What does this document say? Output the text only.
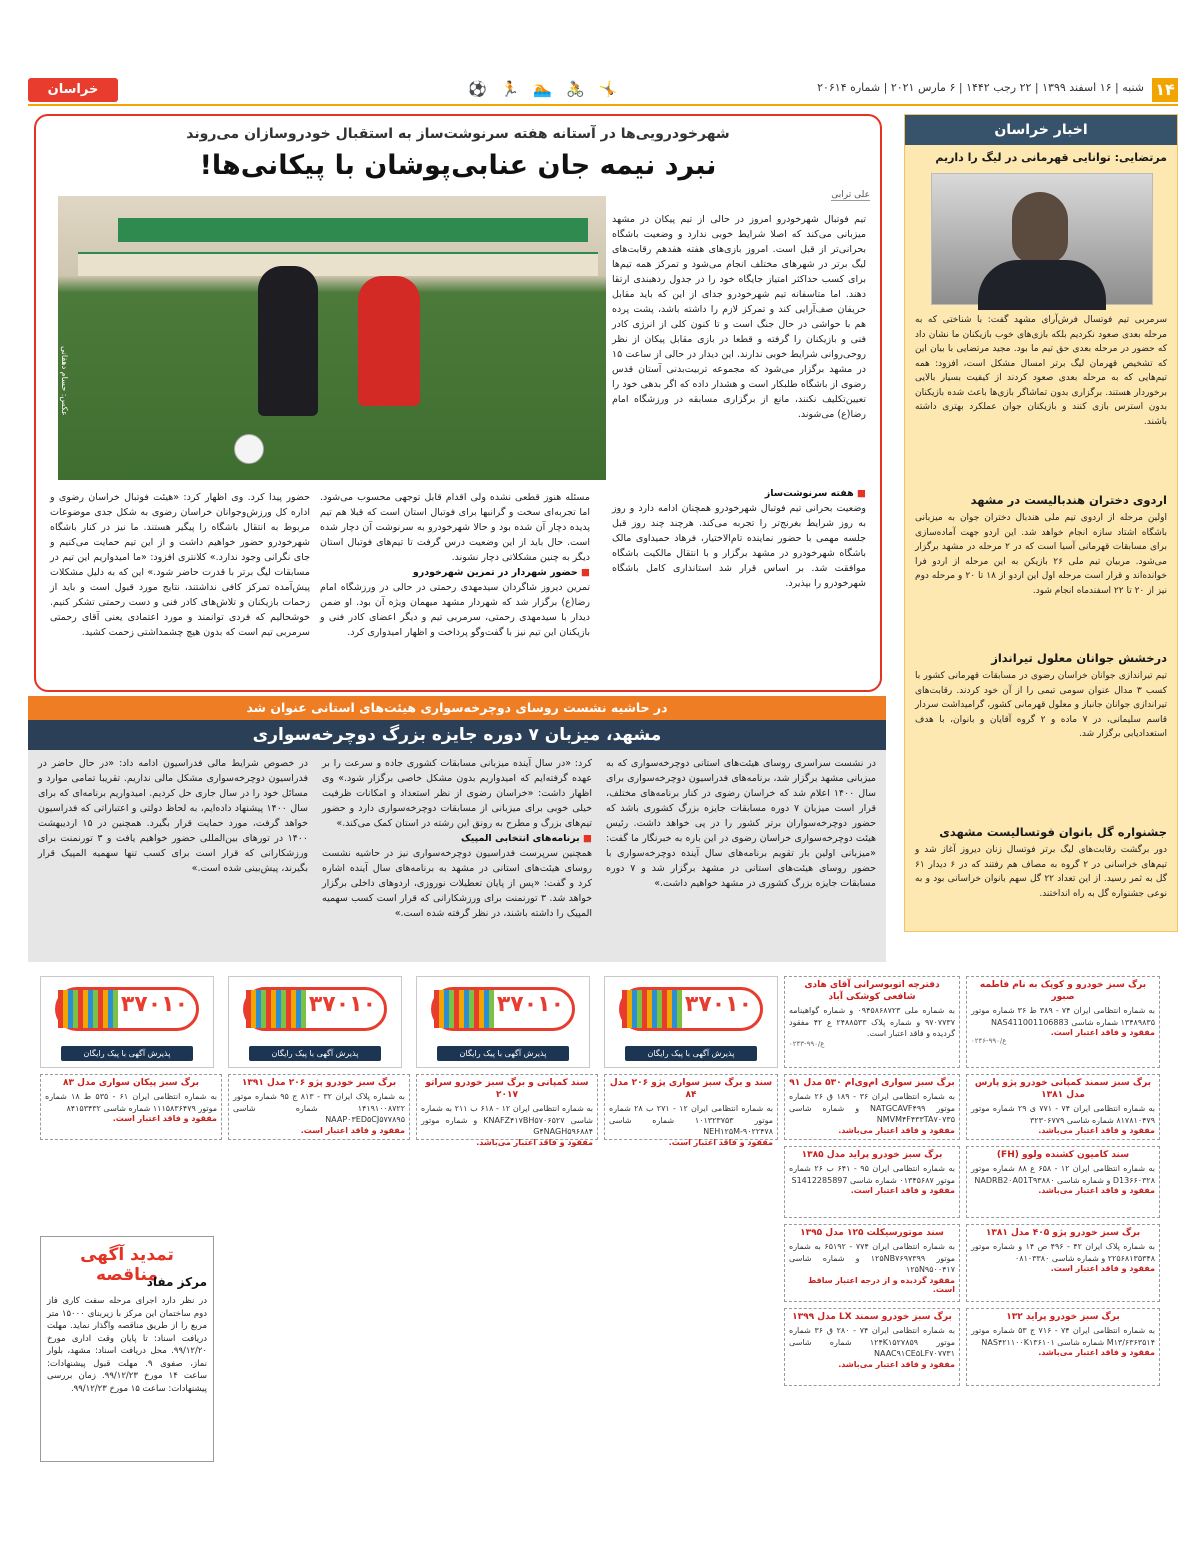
۱۴
شنبه | ۱۶ اسفند ۱۳۹۹ | ۲۲ رجب ۱۴۴۲ | ۶ مارس ۲۰۲۱ | شماره ۲۰۶۱۴
⚽ 🏃 🏊 🚴 🤸
خراسان
اخبار خراسان
مرتضایی: توانایی قهرمانی در لیگ را داریم
سرمربی تیم فوتسال فرش‌آرای مشهد گفت: با شناختی که به مرحله بعدی صعود نکردیم بلکه بازی‌های خوب بازیکنان ما نشان داد که حضور در مرحله بعدی حق تیم ما بود. مجید مرتضایی با بیان این که تشخیص قهرمان لیگ برتر امسال مشکل است، افزود: همه تیم‌هایی که به مرحله بعدی صعود کردند از کیفیت بسیار بالایی برخوردار هستند. برگزاری بدون تماشاگر بازی‌ها باعث شده بازیکنان بدون استرس بازی کنند و بازیکنان جوان عملکرد بهتری داشته باشند.
اردوی دختران هندبالیست در مشهد
اولین مرحله از اردوی تیم ملی هندبال دختران جوان به میزبانی باشگاه اشتاد سازه انجام خواهد شد. این اردو جهت آماده‌سازی برای مسابقات قهرمانی آسیا است که در ۲ مرحله در مشهد برگزار می‌شود. مربیان تیم ملی ۲۶ بازیکن به این مرحله از اردو فرا خوانده‌اند و قرار است مرحله اول این اردو از ۱۸ تا ۲۰ و مرحله دوم نیز از ۲۰ تا ۲۲ اسفندماه انجام شود.
درخشش جوانان معلول تیرانداز
تیم تیراندازی جوانان خراسان رضوی در مسابقات قهرمانی کشور با کسب ۳ مدال عنوان سومی تیمی را از آن خود کردند. رقابت‌های تیراندازی جوانان جانباز و معلول قهرمانی کشور، گرامیداشت سردار قاسم سلیمانی، در ۷ ماده و ۲ گروه آقایان و بانوان، با هدف استعدادیابی برگزار شد.
جشنواره گل بانوان فوتسالیست مشهدی
دور برگشت رقابت‌های لیگ برتر فوتسال زنان دیروز آغاز شد و تیم‌های خراسانی در ۲ گروه به مصاف هم رفتند که در ۶ دیدار ۶۱ گل به ثمر رسید. از این تعداد ۲۲ گل سهم بانوان خراسانی بود و به نوعی جشنواره گل به راه انداختند.
شهرخودرویی‌ها در آستانه هفته سرنوشت‌ساز به استقبال خودروسازان می‌روند
نبرد نیمه جان عنابی‌پوشان با پیکانی‌ها!
علی ترابی
عکس: حسام دهقانی
تیم فوتبال شهرخودرو امروز در حالی از تیم پیکان در مشهد میزبانی می‌کند که اصلا شرایط خوبی ندارد و وضعیت باشگاه بحرانی‌تر از قبل است. امروز بازی‌های هفته هفدهم رقابت‌های لیگ برتر در شهرهای مختلف انجام می‌شود و تمرکز همه تیم‌ها برای کسب حداکثر امتیاز جایگاه خود را در جدول ردهبندی ارتقا دهند. اما متاسفانه تیم شهرخودرو جدای از این که باید مقابل حریفان صف‌آرایی کند و تمرکز لازم را داشته باشد، پشت پرده هم با حواشی در حال جنگ است و تا کنون کلی از انرژی کادر فنی و بازیکنان را گرفته و قطعا در بازی مقابل پیکان از نظر روحی‌روانی شرایط خوبی ندارند. این دیدار در حالی از ساعت ۱۵ در مشهد برگزار می‌شود که مجموعه تربیت‌بدنی آستان قدس رضوی از باشگاه طلبکار است و هشدار داده که اگر بدهی خود را تعیین‌تکلیف نکنند، مانع از برگزاری مسابقه در ورزشگاه امام رضا(ع) می‌شوند.
■ هفته سرنوشت‌ساز
وضعیت بحرانی تیم فوتبال شهرخودرو همچنان ادامه دارد و روز به روز شرایط بغرنج‌تر را تجربه می‌کند. هرچند چند روز قبل جلسه مهمی با حضور نماینده تام‌الاختیار، فرهاد حمیداوی مالک باشگاه شهرخودرو در مشهد برگزار و با انتقال مالکیت باشگاه موافقت شد. بر اساس قرار شد استانداری کامل باشگاه شهرخودرو را بپذیرد.
مسئله هنوز قطعی نشده ولی اقدام قابل توجهی محسوب می‌شود. اما تجربه‌ای سخت و گرانبها برای فوتبال استان است که قبلا هم تیم پدیده دچار آن شده بود و حالا شهرخودرو به سرنوشت آن دچار شده است. حال باید از این وضعیت درس گرفت تا تیم‌های فوتبال استان دیگر به چنین مشکلاتی دچار نشوند.
■ حضور شهردار در تمرین شهرخودرو
تمرین دیروز شاگردان سیدمهدی رحمتی در حالی در ورزشگاه امام رضا(ع) برگزار شد که شهردار مشهد میهمان ویژه آن بود. او ضمن دیدار با سیدمهدی رحمتی، سرمربی تیم و دیگر اعضای کادر فنی و بازیکنان این تیم نیز با گفت‌وگو پرداخت و اظهار امیدواری کرد.
حضور پیدا کرد. وی اظهار کرد: «هیئت فوتبال خراسان رضوی و اداره کل ورزش‌وجوانان خراسان رضوی به شکل جدی موضوعات مربوط به انتقال باشگاه را پیگیر هستند. ما نیز در کنار باشگاه شهرخودرو حضور خواهیم داشت و از این تیم حمایت می‌کنیم و جای نگرانی وجود ندارد.» کلانتری افزود: «ما امیدواریم این تیم در مسابقات لیگ برتر با قدرت حاضر شود.» این که به دلیل مشکلات پیش‌آمده تمرکز کافی نداشتند، نتایج مورد قبول است و باید از زحمات بازیکنان و تلاش‌های کادر فنی و دست رحمتی تشکر کنیم. خوشحالیم که فردی توانمند و مورد اعتمادی یعنی آقای رحمتی سرمربی تیم است که بدون هیچ چشمداشتی زحمت کشید.
در حاشیه نشست روسای دوچرخه‌سواری هیئت‌های استانی عنوان شد
مشهد، میزبان ۷ دوره جایزه بزرگ دوچرخه‌سواری
در نشست سراسری روسای هیئت‌های استانی دوچرخه‌سواری که به میزبانی مشهد برگزار شد، برنامه‌های فدراسیون دوچرخه‌سواری برای سال ۱۴۰۰ اعلام شد که خراسان رضوی در کنار برنامه‌های مختلف، قرار است میزبان ۷ دوره مسابقات جایزه بزرگ کشوری باشد که حضور دوچرخه‌سواران برتر کشور را در پی خواهد داشت. رئیس هیئت دوچرخه‌سواری خراسان رضوی در این باره به خبرنگار ما گفت: «میزبانی اولین بار تقویم برنامه‌های سال آینده دوچرخه‌سواری با حضور روسای هیئت‌های استانی در مشهد برگزار شد و ۷ دوره مسابقات جایزه بزرگ کشوری در مشهد خواهیم داشت.»
کرد: «در سال آینده میزبانی مسابقات کشوری جاده و سرعت را بر عهده گرفته‌ایم که امیدواریم بدون مشکل خاصی برگزار شود.» وی اظهار داشت: «خراسان رضوی از نظر استعداد و امکانات ظرفیت خیلی خوبی برای میزبانی از مسابقات دوچرخه‌سواری دارد و حضور تیم‌های بزرگ و مطرح به رونق این رشته در استان کمک می‌کند.»
■ برنامه‌های انتخابی المپیک
همچنین سرپرست فدراسیون دوچرخه‌سواری نیز در حاشیه نشست روسای هیئت‌های استانی در مشهد به برنامه‌های سال آینده اشاره کرد و گفت: «پس از پایان تعطیلات نوروزی، اردوهای داخلی برگزار خواهد شد. ۳ تورنمنت برای ورزشکارانی که قرار است کسب سهمیه المپیک را داشته باشند، در نظر گرفته شده است.»
در خصوص شرایط مالی فدراسیون ادامه داد: «در حال حاضر در فدراسیون دوچرخه‌سواری مشکل مالی نداریم. تقریبا تمامی موارد و مسائل خود را در سال جاری حل کردیم. امیدواریم برنامه‌ای که برای سال ۱۴۰۰ پیشنهاد داده‌ایم، به لحاظ دولتی و اعتباراتی که فدراسیون خواهد گرفت، مورد حمایت قرار بگیرد. همچنین در ۱۵ اردیبهشت ۱۴۰۰ در تورهای بین‌المللی حضور خواهیم یافت و ۳ تورنمنت برای ورزشکارانی که قرار است برای کسب تنها سهمیه المپیک قرار بگیرند، پیش‌بینی شده است.»
۳۷۰۱۰
پذیرش آگهی با پیک رایگان
۳۷۰۱۰
پذیرش آگهی با پیک رایگان
۳۷۰۱۰
پذیرش آگهی با پیک رایگان
۳۷۰۱۰
پذیرش آگهی با پیک رایگان
برگ سبز خودرو و کوپک به نام فاطمه صبور
به شماره انتظامی ایران ۷۴ - ۳۸۹ ط ۳۶ شماره موتور ۱۳۴۸۹۸۳۵ شماره شاسی NAS411001106883
مفقود و فاقد اعتبار است.
۰۲۴۶-۹۹۰/ع
دفترچه اتوبوسرانی آقای هادی شافعی کوشکی آباد
به شماره ملی ۰۹۴۵۸۶۸۷۲۳ و شماره گواهینامه ۹۷۰۷۷۳۷ و شماره پلاک ۲۴۸۸۵۳۳ ع ۴۲ مفقود گردیده و فاقد اعتبار است.
۰۲۴۳-۹۹۰/ع
برگ سبز سمند کمپانی خودرو پژو پارس مدل ۱۳۸۱
به شماره انتظامی ایران ۷۴ - ۷۷۱ ی ۲۹ شماره موتور ۸۱۷۸۱۰۴۷۹ شماره شاسی ۳۲۳۰۶۷۷۹
مفقود و فاقد اعتبار می‌باشد.
برگ سبز سواری ام‌وی‌ام ۵۳۰ مدل ۹۱
به شماره انتظامی ایران ۳۶ - ۱۸۹ ق ۲۶ شماره موتور NATGCAVF۴۹۹ و شماره شاسی NMVM۴F۴۳۳TA۷۰۷۳۵
مفقود و فاقد اعتبار می‌باشد.
سند و برگ سبز سواری پژو ۲۰۶ مدل ۸۴
به شماره انتظامی ایران ۱۲ - ۲۷۱ ب ۲۸ شماره موتور ۱۰۱۳۲۳۷۵۳ شماره شاسی NEH۱۲۵M-۹۰۲۲۴۷۸
مفقود و فاقد اعتبار است.
سند کمپانی و برگ سبز خودرو سراتو ۲۰۱۷
به شماره انتظامی ایران ۱۲ - ۶۱۸ ب ۲۱۱ به شماره شاسی KNAFZ۴۱۷BH۵۷۰۶۵۲۷ و شماره موتور G۴NAGH۵۹۶۸۸۴
مفقود و فاقد اعتبار می‌باشد.
برگ سبز خودرو پژو ۲۰۶ مدل ۱۳۹۱
به شماره پلاک ایران ۳۲ - ۸۱۳ ج ۹۵ شماره موتور ۱۴۱۹۱۰۰۸۷۲۲ شماره شاسی NAAP۰۳ED۵CJ۵۷۷۸۹۵
مفقود و فاقد اعتبار است.
برگ سبز پیکان سواری مدل ۸۳
به شماره انتظامی ایران ۶۱ - ۵۳۵ ط ۱۸ شماره موتور ۱۱۱۵۸۳۶۴۷۹ شماره شاسی ۸۴۱۵۳۴۳۲
مفقود و فاقد اعتبار است.
سند کامیون کشنده ولوو (FH)
به شماره انتظامی ایران ۱۲ - ۶۵۸ ع ۸۸ شماره موتور D13۶۶۰۳۲۸ و شماره شاسی NADRB2۰A01T۹۳۸۸۰
مفقود و فاقد اعتبار می‌باشد.
برگ سبز خودرو پراید مدل ۱۳۸۵
به شماره انتظامی ایران ۹۵ - ۶۴۱ ب ۲۶ شماره موتور ۰۱۳۴۵۶۸۷ شماره شاسی S1412285897
مفقود و فاقد اعتبار است.
برگ سبز خودرو پژو ۴۰۵ مدل ۱۳۸۱
به شماره پلاک ایران ۴۲ - ۴۹۶ ص ۱۴ و شماره موتور ۲۲۵۶۸۱۳۵۳۴۸ و شماره شاسی ۰۸۱۰۳۳۸۰
مفقود و فاقد اعتبار است.
سند موتورسیکلت ۱۲۵ مدل ۱۳۹۵
به شماره انتظامی ایران ۷۷۴ - ۶۵۱۹۲ به شماره موتور ۱۲۵NB۷۶۹۷۳۹۹ و شماره شاسی ۱۲۵N۹۵۰۰۴۱۷
مفقود گردیده و از درجه اعتبار ساقط است.
برگ سبز خودرو پراید ۱۳۲
به شماره انتظامی ایران ۷۴ - ۷۱۶ ج ۵۳ شماره موتور M۱۳/۶۳۶۳۵۱۴ شماره شاسی NAS۴۲۱۱۰۰K۱۳۶۱۰۱
مفقود و فاقد اعتبار می‌باشد.
برگ سبز خودرو سمند LX مدل ۱۳۹۹
به شماره انتظامی ایران ۷۴ - ۲۸۰ ق ۳۶ شماره موتور ۱۲۴K۱۵۲۷۸۵۹ شماره شاسی NAAC۹۱CE۵LF۷۰۷۷۳۱
مفقود و فاقد اعتبار می‌باشد.
تمدید آگهی مناقصه
مرکز مفاد
در نظر دارد اجرای مرحله سفت کاری فاز دوم ساختمان این مرکز با زیربنای ۱۵۰۰۰ متر مربع را از طریق مناقصه واگذار نماید. مهلت دریافت اسناد: تا پایان وقت اداری مورخ ۹۹/۱۲/۲۰. محل دریافت اسناد: مشهد، بلوار نماز، صفوی ۹. مهلت قبول پیشنهادات: ساعت ۱۴ مورخ ۹۹/۱۲/۲۳. زمان بررسی پیشنهادات: ساعت ۱۵ مورخ ۹۹/۱۲/۲۳.
